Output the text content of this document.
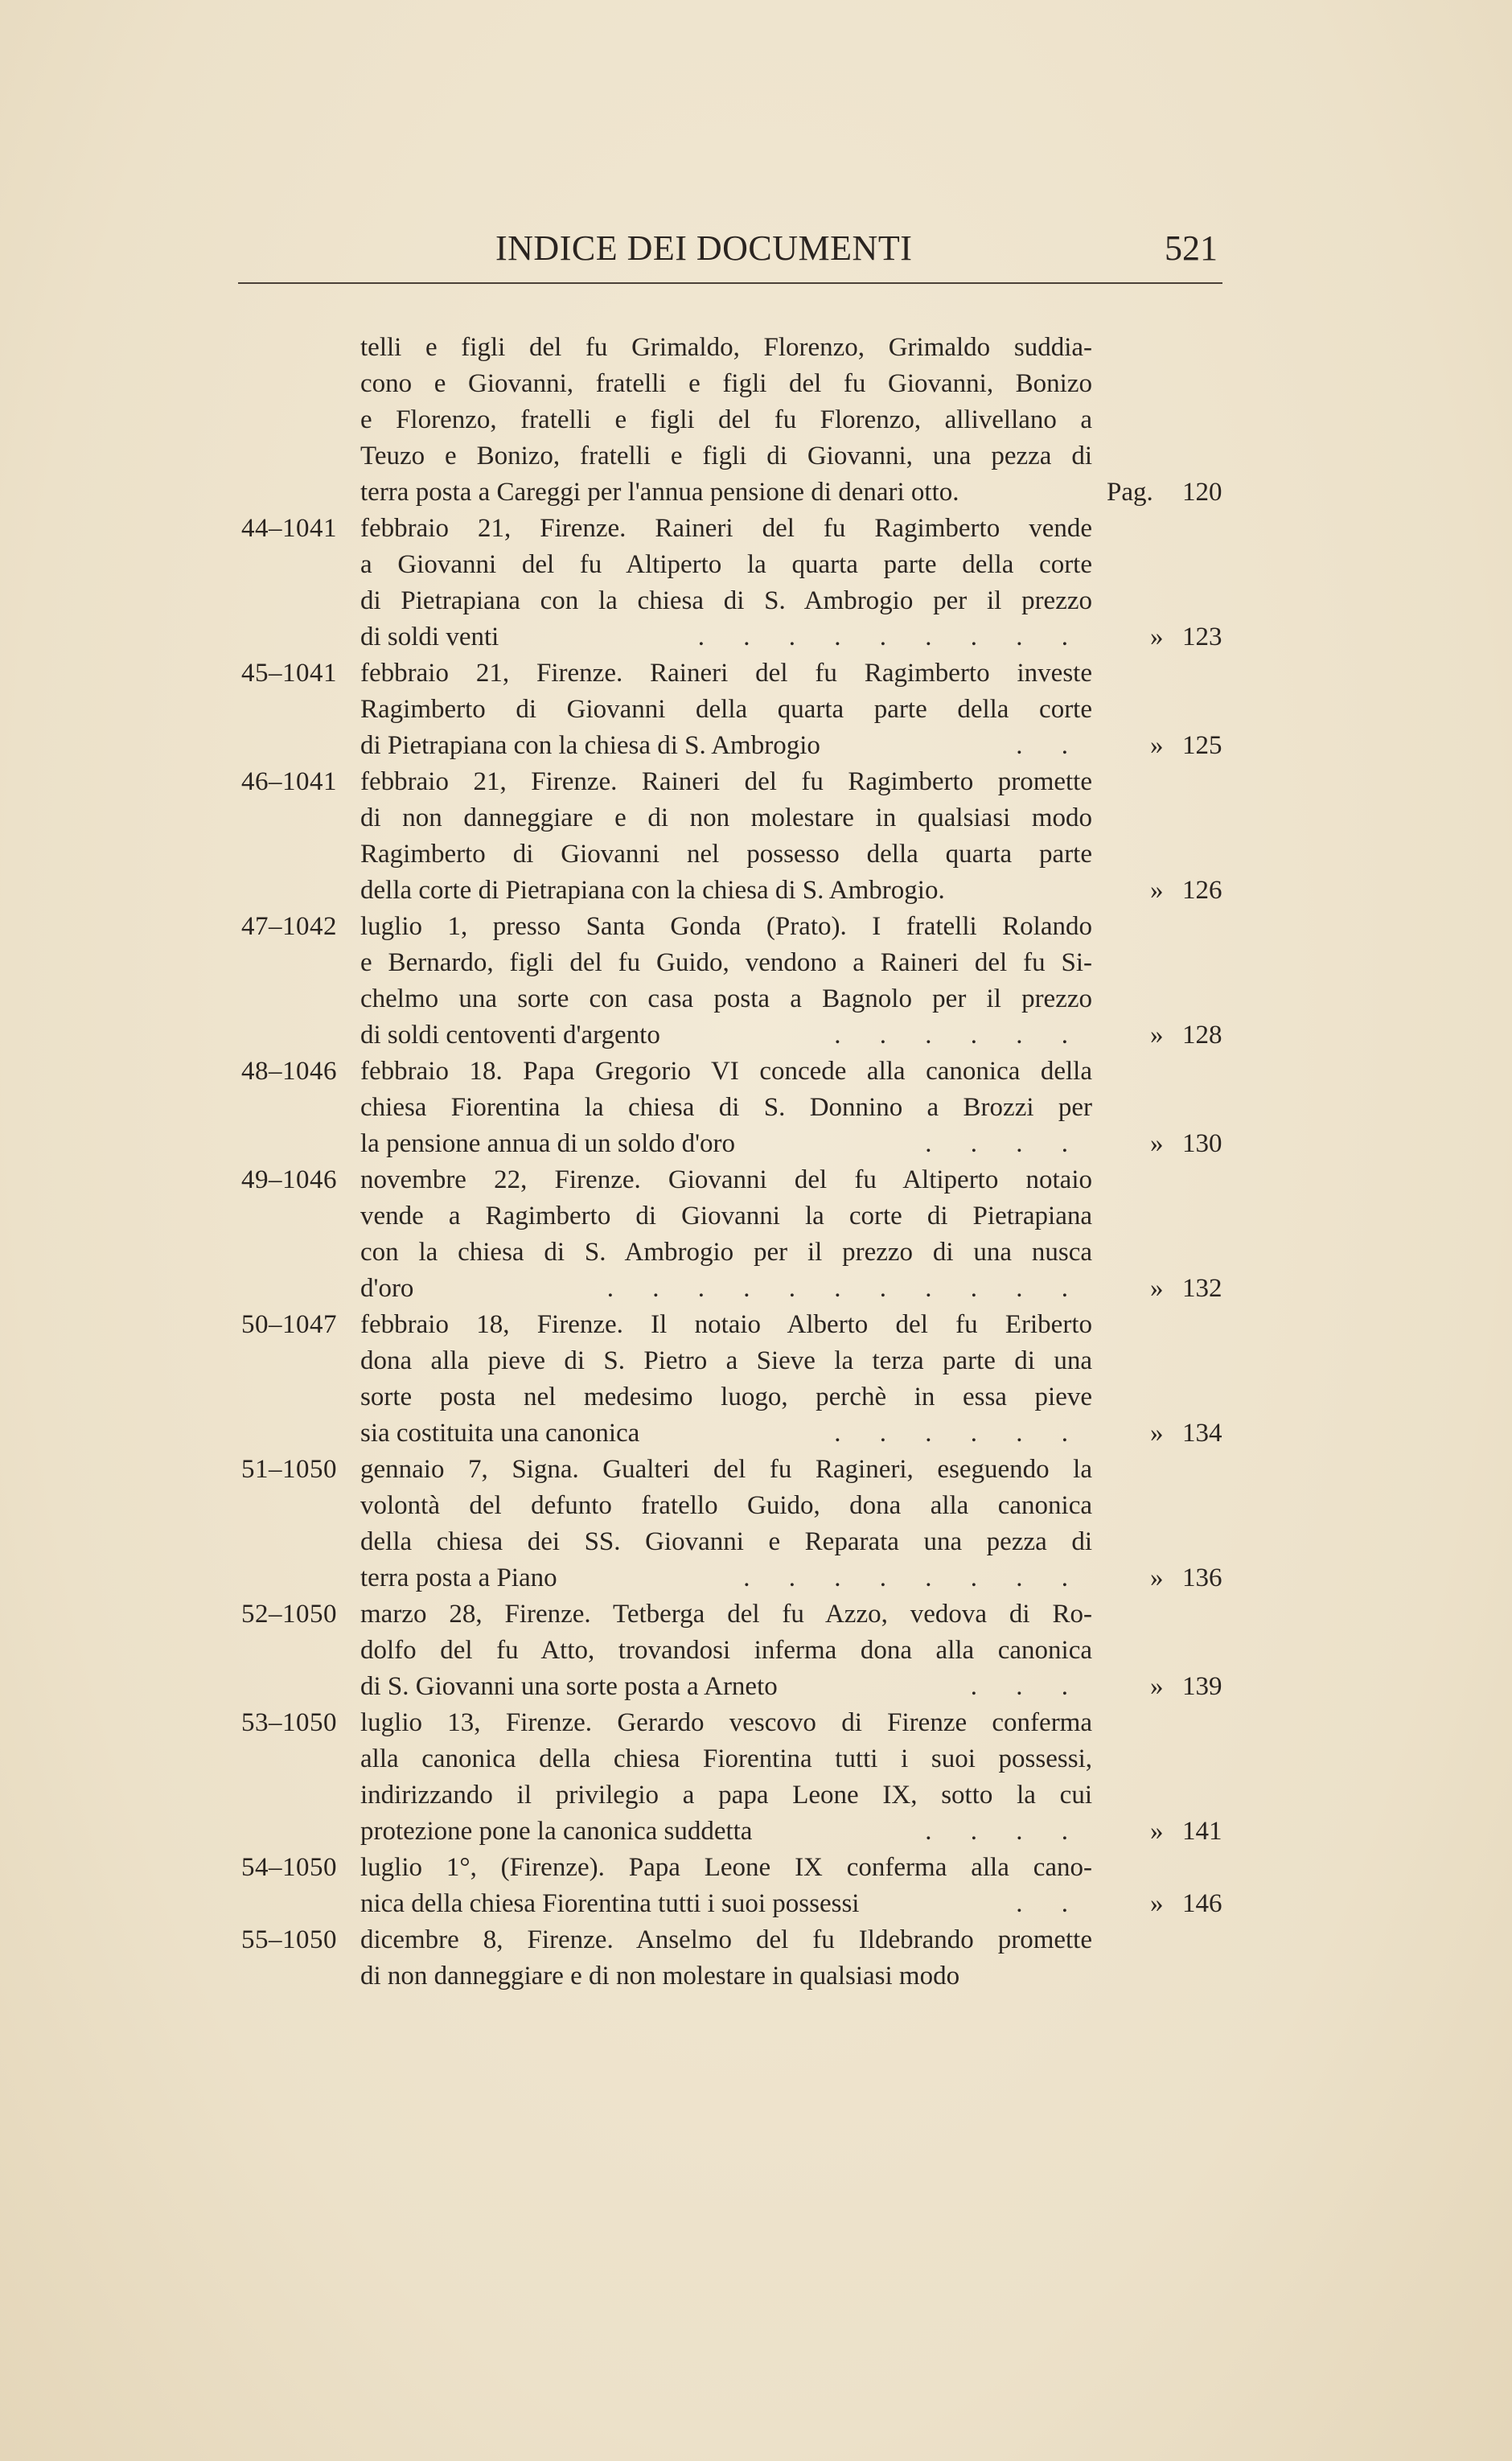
INDICE DEI DOCUMENTI	521
telli e figli del fu Grimaldo, Florenzo, Grimaldo suddia-
cono e Giovanni, fratelli e figli del fu Giovanni, Bonizo
e Florenzo, fratelli e figli del fu Florenzo, allivellano a
Teuzo e Bonizo, fratelli e figli di Giovanni, una pezza di
terra posta a Careggi per l'annua pensione di denari otto.	Pag. 120
44–1041 febbraio 21, Firenze. Raineri del fu Ragimberto vende
a Giovanni del fu Altiperto la quarta parte della corte
di Pietrapiana con la chiesa di S. Ambrogio per il prezzo
di soldi venti	. . . . . . . . . » 123
45–1041 febbraio 21, Firenze. Raineri del fu Ragimberto investe
Ragimberto di Giovanni della quarta parte della corte
di Pietrapiana con la chiesa di S. Ambrogio	. . » 125
46–1041 febbraio 21, Firenze. Raineri del fu Ragimberto promette
di non danneggiare e di non molestare in qualsiasi modo
Ragimberto di Giovanni nel possesso della quarta parte
della corte di Pietrapiana con la chiesa di S. Ambrogio.	» 126
47–1042 luglio 1, presso Santa Gonda (Prato). I fratelli Rolando
e Bernardo, figli del fu Guido, vendono a Raineri del fu Si-
chelmo una sorte con casa posta a Bagnolo per il prezzo
di soldi centoventi d'argento	. . . . . . » 128
48–1046 febbraio 18. Papa Gregorio VI concede alla canonica della
chiesa Fiorentina la chiesa di S. Donnino a Brozzi per
la pensione annua di un soldo d'oro	. . . . » 130
49–1046 novembre 22, Firenze. Giovanni del fu Altiperto notaio
vende a Ragimberto di Giovanni la corte di Pietrapiana
con la chiesa di S. Ambrogio per il prezzo di una nusca
d'oro	. . . . . . . . . . . » 132
50–1047 febbraio 18, Firenze. Il notaio Alberto del fu Eriberto
dona alla pieve di S. Pietro a Sieve la terza parte di una
sorte posta nel medesimo luogo, perchè in essa pieve
sia costituita una canonica	. . . . . . » 134
51–1050 gennaio 7, Signa. Gualteri del fu Ragineri, eseguendo la
volontà del defunto fratello Guido, dona alla canonica
della chiesa dei SS. Giovanni e Reparata una pezza di
terra posta a Piano	. . . . . . . . » 136
52–1050 marzo 28, Firenze. Tetberga del fu Azzo, vedova di Ro-
dolfo del fu Atto, trovandosi inferma dona alla canonica
di S. Giovanni una sorte posta a Arneto	. . . » 139
53–1050 luglio 13, Firenze. Gerardo vescovo di Firenze conferma
alla canonica della chiesa Fiorentina tutti i suoi possessi,
indirizzando il privilegio a papa Leone IX, sotto la cui
protezione pone la canonica suddetta	. . . . » 141
54–1050 luglio 1°, (Firenze). Papa Leone IX conferma alla cano-
nica della chiesa Fiorentina tutti i suoi possessi	. . » 146
55–1050 dicembre 8, Firenze. Anselmo del fu Ildebrando promette
di non danneggiare e di non molestare in qualsiasi modo
